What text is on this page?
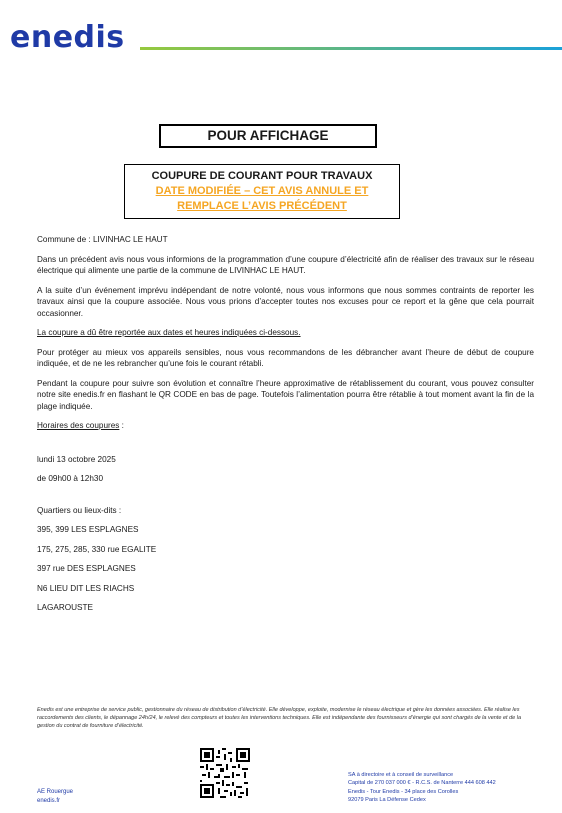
enedis
POUR AFFICHAGE
COUPURE DE COURANT POUR TRAVAUX
DATE MODIFIÉE – CET AVIS ANNULE ET
REMPLACE L’AVIS PRÉCÉDENT

Commune de : LIVINHAC LE HAUT

Dans un précédent avis nous vous informions de la programmation d’une coupure d’électricité afin de réaliser des travaux sur le réseau électrique qui alimente une partie de la commune de LIVINHAC LE HAUT.

A la suite d’un événement imprévu indépendant de notre volonté, nous vous informons que nous sommes contraints de reporter les travaux ainsi que la coupure associée. Nous vous prions d’accepter toutes nos excuses pour ce report et la gêne que cela pourrait occasionner.

La coupure a dû être reportée aux dates et heures indiquées ci-dessous.

Pour protéger au mieux vos appareils sensibles, nous vous recommandons de les débrancher avant l’heure de début de coupure indiquée, et de ne les rebrancher qu’une fois le courant rétabli.

Pendant la coupure pour suivre son évolution et connaître l’heure approximative de rétablissement du courant, vous pouvez consulter notre site enedis.fr en flashant le QR CODE en bas de page. Toutefois l’alimentation pourra être rétablie à tout moment avant la fin de la plage indiquée.

Horaires des coupures :

lundi 13 octobre 2025

de 09h00 à 12h30

Quartiers ou lieux-dits :

395, 399 LES ESPLAGNES

175, 275, 285, 330 rue EGALITE

397 rue DES ESPLAGNES

N6 LIEU DIT LES RIACHS

LAGAROUSTE

Enedis est une entreprise de service public, gestionnaire du réseau de distribution d’électricité. Elle développe, exploite, modernise le réseau électrique et gère les données associées. Elle réalise les raccordements des clients, le dépannage 24h/24, le relevé des compteurs et toutes les interventions techniques. Elle est indépendante des fournisseurs d’énergie qui sont chargés de la vente et de la gestion du contrat de fourniture d’électricité.
AE Rouergue
enedis.fr
SA à directoire et à conseil de surveillance
Capital de 270 037 000 € - R.C.S. de Nanterre 444 608 442
Enedis - Tour Enedis - 34 place des Corolles
92079 Paris La Défense Cedex
